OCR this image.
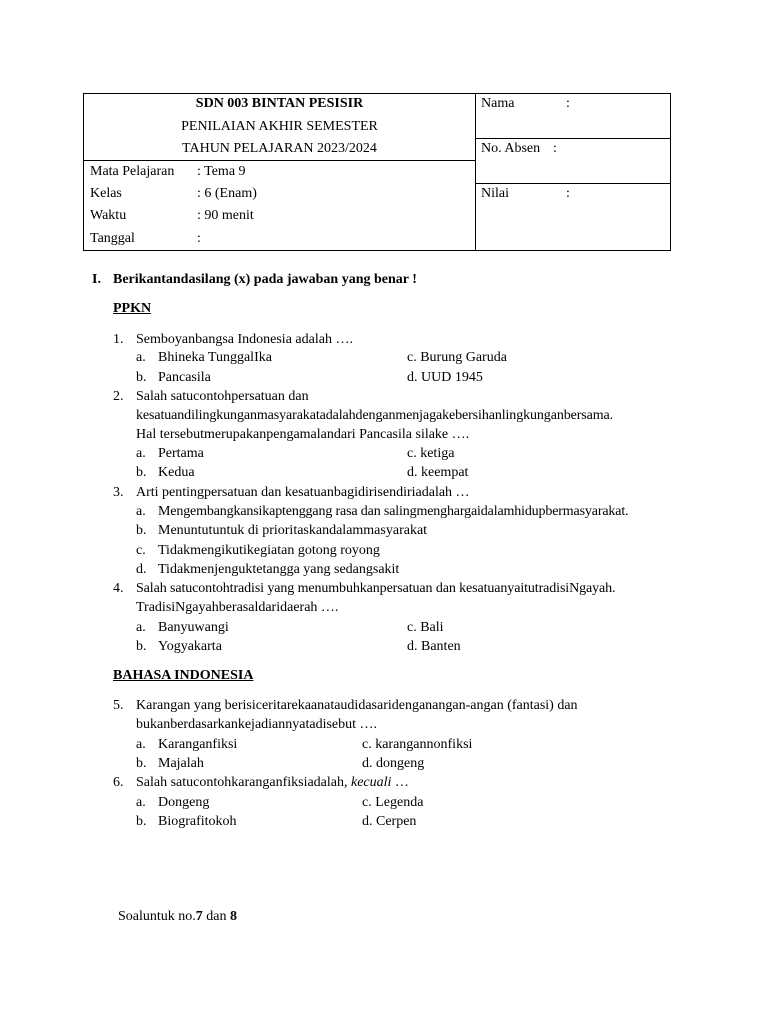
SDN 003 BINTAN PESISIR
PENILAIAN AKHIR SEMESTER
TAHUN PELAJARAN 2023/2024
Mata Pelajaran : Tema 9
Kelas	: 6 (Enam)
Waktu	: 90 menit
Tanggal	:
Nama	:
No. Absen :
Nilai	:
I. Berikantandasilang (x) pada jawaban yang benar !
PPKN
1. Semboyanbangsa Indonesia adalah ….
a. Bhineka TunggalIka	c. Burung Garuda
b. Pancasila	d. UUD 1945
2. Salah satucontohpersatuan dan
kesatuandilingkunganmasyarakatadalahdenganmenjagakebersihanlingkunganbersama.
Hal tersebutmerupakanpengamalandari Pancasila silake ….
a. Pertama	c. ketiga
b. Kedua	d. keempat
3. Arti pentingpersatuan dan kesatuanbagidirisendiriadalah …
a. Mengembangkansikaptenggang rasa dan salingmenghargaidalamhidupbermasyarakat.
b. Menuntutuntuk di prioritaskandalammasyarakat
c. Tidakmengikutikegiatan gotong royong
d. Tidakmenjenguktetangga yang sedangsakit
4. Salah satucontohtradisi yang menumbuhkanpersatuan dan kesatuanyaitutradisiNgayah.
TradisiNgayahberasaldaridaerah ….
a. Banyuwangi	c. Bali
b. Yogyakarta	d. Banten
BAHASA INDONESIA
5. Karangan yang berisiceritarekaanataudidasaridenganangan-angan (fantasi) dan
bukanberdasarkankejadiannyatadisebut ….
a. Karanganfiksi	c. karangannonfiksi
b. Majalah	d. dongeng
6. Salah satucontohkaranganfiksiadalah, kecuali …
a. Dongeng	c. Legenda
b. Biografitokoh	d. Cerpen
Soaluntuk no.7 dan 8
